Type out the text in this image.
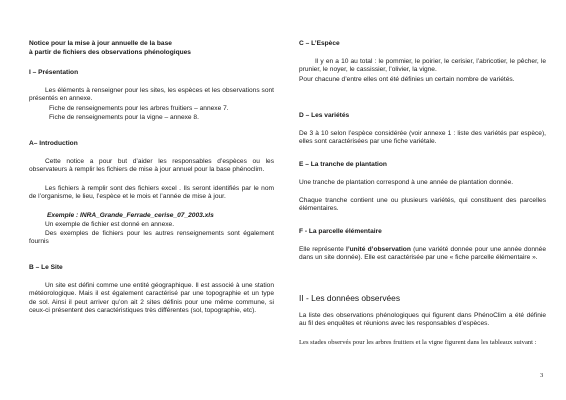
Notice pour la mise à jour annuelle de la base

à partir de fichiers des observations phénologiques

I – Présentation

Les éléments à renseigner pour les sites, les espèces et les observations sont présentés en annexe.

Fiche de renseignements pour les arbres fruitiers – annexe 7.

Fiche de renseignements pour la vigne – annexe 8.

A– Introduction

Cette notice a pour but d’aider les responsables d’espèces ou les observateurs à remplir les fichiers de mise à jour annuel pour la base phénoclim.

Les fichiers à remplir sont des fichiers excel . Ils seront identifiés par le nom de l’organisme, le lieu, l’espèce et le mois et l’année de mise à jour.

Exemple : INRA_Grande_Ferrade_cerise_07_2003.xls

Un exemple de fichier est donné en annexe.

Des exemples de fichiers pour les autres renseignements sont également fournis

B – Le Site

Un site est défini comme une entité géographique. Il est associé à une station météorologique. Mais il est également caractérisé par une topographie et un type de sol. Ainsi il peut arriver qu’on ait 2 sites définis pour une même commune, si ceux-ci présentent des caractéristiques très différentes (sol, topographie, etc).

C – L’Espèce

Il y en a 10 au total : le pommier, le poirier, le cerisier, l’abricotier, le pêcher, le prunier, le noyer, le cassissier, l’olivier, la vigne.

Pour chacune d’entre elles ont été définies un certain nombre de variétés.

D – Les variétés

De 3 à 10 selon l’espèce considérée (voir annexe 1 : liste des variétés par espèce), elles sont caractérisées par une fiche variétale.

E – La tranche de plantation

Une tranche de plantation correspond à une année de plantation donnée.

Chaque tranche contient une ou plusieurs variétés, qui constituent des parcelles élémentaires.

F - La parcelle élémentaire

Elle représente l’unité d’observation (une variété donnée pour une année donnée dans un site donnée). Elle est caractérisée par une « fiche parcelle élémentaire ».

II - Les données observées

La liste des observations phénologiques qui figurent dans PhénoClim a été définie au fil des enquêtes et réunions avec les responsables d’espèces.

Les stades observés pour les arbres fruitiers et la vigne figurent dans les tableaux suivant :

3
